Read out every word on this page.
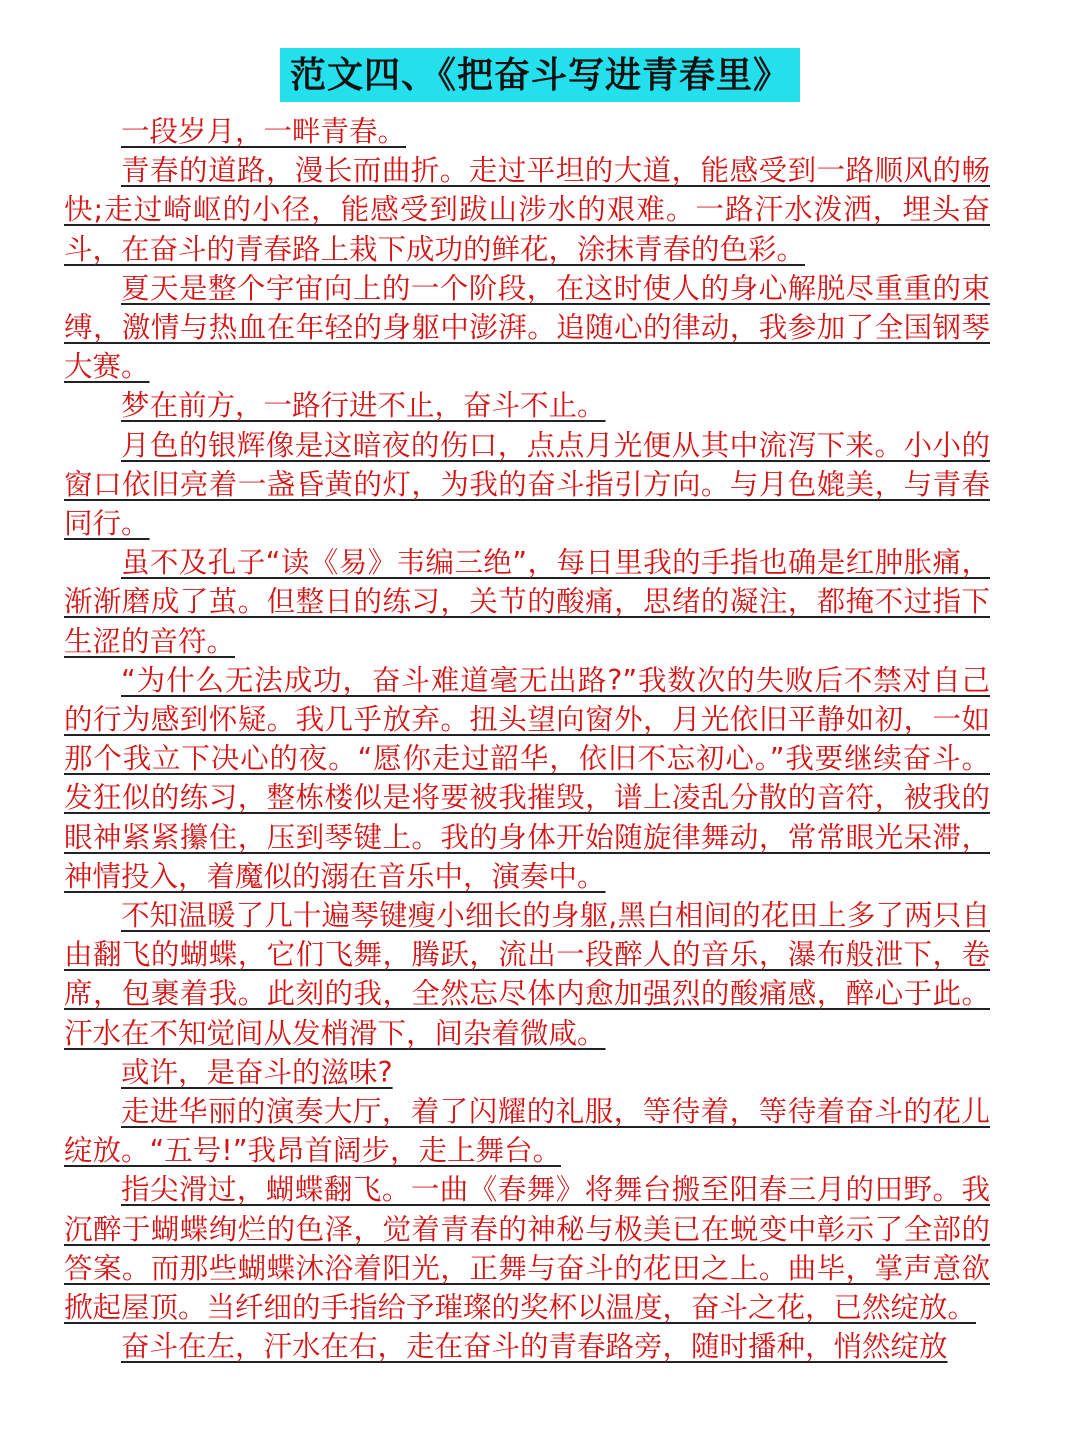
范文四、《把奋斗写进青春里》

一段岁月，一畔青春。

青春的道路，漫长而曲折。走过平坦的大道，能感受到一路顺风的畅快;走过崎岖的小径，能感受到跋山涉水的艰难。一路汗水泼洒，埋头奋斗，在奋斗的青春路上栽下成功的鲜花，涂抹青春的色彩。

夏天是整个宇宙向上的一个阶段，在这时使人的身心解脱尽重重的束缚，激情与热血在年轻的身躯中澎湃。追随心的律动，我参加了全国钢琴大赛。

梦在前方，一路行进不止，奋斗不止。

月色的银辉像是这暗夜的伤口，点点月光便从其中流泻下来。小小的窗口依旧亮着一盏昏黄的灯，为我的奋斗指引方向。与月色媲美，与青春同行。

虽不及孔子“读《易》韦编三绝”，每日里我的手指也确是红肿胀痛，渐渐磨成了茧。但整日的练习，关节的酸痛，思绪的凝注，都掩不过指下生涩的音符。

“为什么无法成功，奋斗难道毫无出路?”我数次的失败后不禁对自己的行为感到怀疑。我几乎放弃。扭头望向窗外，月光依旧平静如初，一如那个我立下决心的夜。“愿你走过韶华，依旧不忘初心。”我要继续奋斗。发狂似的练习，整栋楼似是将要被我摧毁，谱上凌乱分散的音符，被我的眼神紧紧攥住，压到琴键上。我的身体开始随旋律舞动，常常眼光呆滞，神情投入，着魔似的溺在音乐中，演奏中。

不知温暖了几十遍琴键瘦小细长的身躯,黑白相间的花田上多了两只自由翻飞的蝴蝶，它们飞舞，腾跃，流出一段醉人的音乐，瀑布般泄下，卷席，包裹着我。此刻的我，全然忘尽体内愈加强烈的酸痛感，醉心于此。汗水在不知觉间从发梢滑下，间杂着微咸。

或许，是奋斗的滋味?

走进华丽的演奏大厅，着了闪耀的礼服，等待着，等待着奋斗的花儿绽放。“五号!”我昂首阔步，走上舞台。

指尖滑过，蝴蝶翻飞。一曲《春舞》将舞台搬至阳春三月的田野。我沉醉于蝴蝶绚烂的色泽，觉着青春的神秘与极美已在蜕变中彰示了全部的答案。而那些蝴蝶沐浴着阳光，正舞与奋斗的花田之上。曲毕，掌声意欲掀起屋顶。当纤细的手指给予璀璨的奖杯以温度，奋斗之花，已然绽放。

奋斗在左，汗水在右，走在奋斗的青春路旁，随时播种，悄然绽放
